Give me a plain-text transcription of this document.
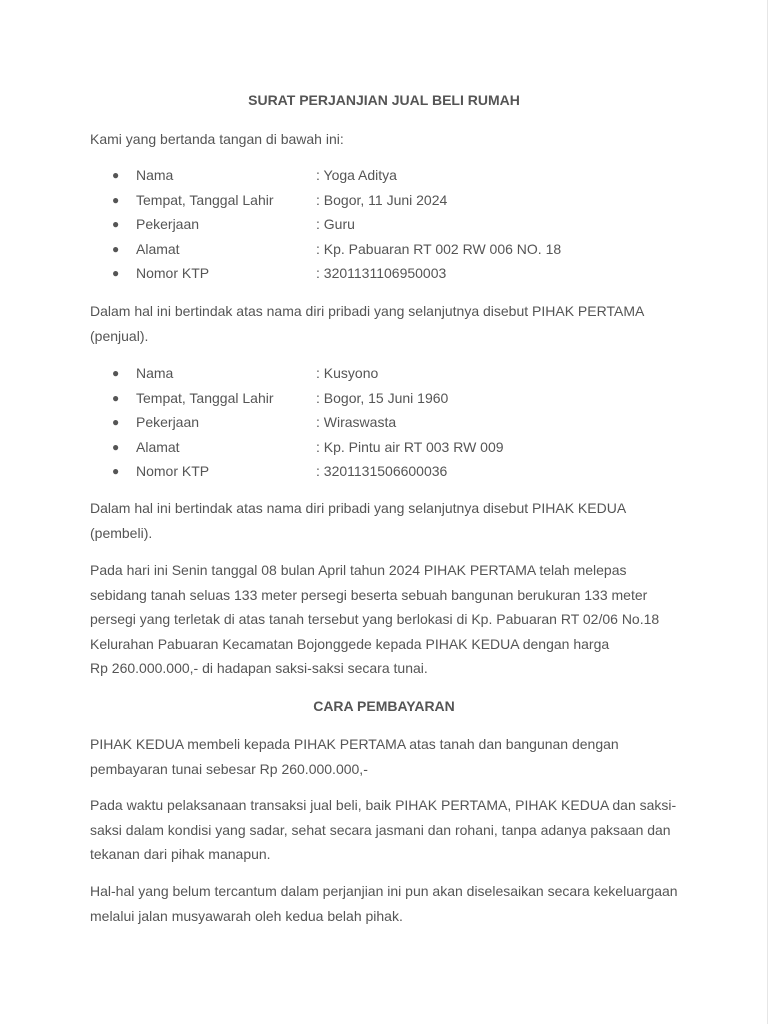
SURAT PERJANJIAN JUAL BELI RUMAH

Kami yang bertanda tangan di bawah ini:

● Nama	: Yoga Aditya
● Tempat, Tanggal Lahir	: Bogor, 11 Juni 2024
● Pekerjaan	: Guru
● Alamat	: Kp. Pabuaran RT 002 RW 006 NO. 18
● Nomor KTP	: 3201131106950003

Dalam hal ini bertindak atas nama diri pribadi yang selanjutnya disebut PIHAK PERTAMA (penjual).

● Nama	: Kusyono
● Tempat, Tanggal Lahir	: Bogor, 15 Juni 1960
● Pekerjaan	: Wiraswasta
● Alamat	: Kp. Pintu air RT 003 RW 009
● Nomor KTP	: 3201131506600036

Dalam hal ini bertindak atas nama diri pribadi yang selanjutnya disebut PIHAK KEDUA (pembeli).

Pada hari ini Senin tanggal 08 bulan April tahun 2024 PIHAK PERTAMA telah melepas
sebidang tanah seluas 133 meter persegi beserta sebuah bangunan berukuran 133 meter
persegi yang terletak di atas tanah tersebut yang berlokasi di Kp. Pabuaran RT 02/06 No.18
Kelurahan Pabuaran Kecamatan Bojonggede kepada PIHAK KEDUA dengan harga
Rp 260.000.000,- di hadapan saksi-saksi secara tunai.
CARA PEMBAYARAN
PIHAK KEDUA membeli kepada PIHAK PERTAMA atas tanah dan bangunan dengan
pembayaran tunai sebesar Rp 260.000.000,-
Pada waktu pelaksanaan transaksi jual beli, baik PIHAK PERTAMA, PIHAK KEDUA dan saksi-
saksi dalam kondisi yang sadar, sehat secara jasmani dan rohani, tanpa adanya paksaan dan
tekanan dari pihak manapun.
Hal-hal yang belum tercantum dalam perjanjian ini pun akan diselesaikan secara kekeluargaan
melalui jalan musyawarah oleh kedua belah pihak.
